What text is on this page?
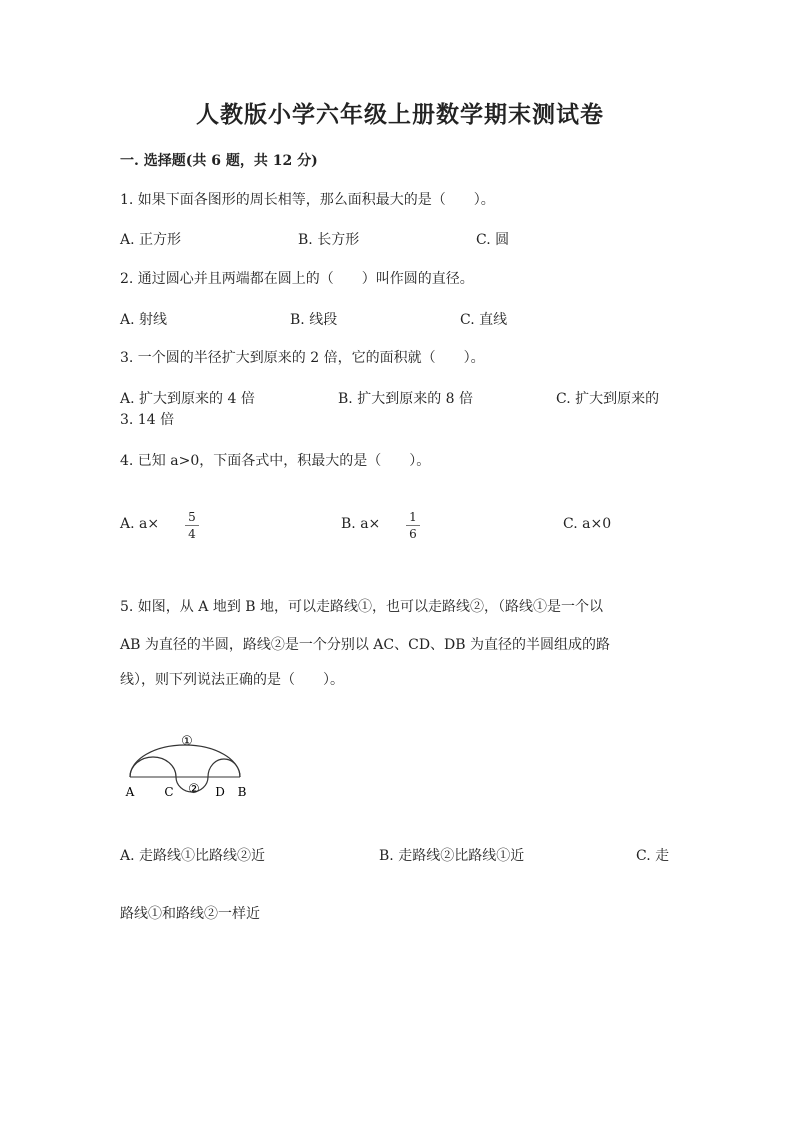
人教版小学六年级上册数学期末测试卷
一. 选择题(共 6 题，共 12 分)
1. 如果下面各图形的周长相等，那么面积最大的是（　　）。
A. 正方形	B. 长方形	C. 圆
2. 通过圆心并且两端都在圆上的（　　）叫作圆的直径。
A. 射线	B. 线段	C. 直线
3. 一个圆的半径扩大到原来的 2 倍，它的面积就（　　）。
A. 扩大到原来的 4 倍	B. 扩大到原来的 8 倍	C. 扩大到原来的
3. 14 倍
4. 已知 a>0，下面各式中，积最大的是（　　）。
A. a× 5
4
B. a× 1
6
C. a×0
5. 如图，从 A 地到 B 地，可以走路线①，也可以走路线②，（路线①是一个以
AB 为直径的半圆，路线②是一个分别以 AC、CD、DB 为直径的半圆组成的路
线），则下列说法正确的是（　　）。
①
②
A	C	D B
A. 走路线①比路线②近	B. 走路线②比路线①近	C. 走
路线①和路线②一样近
